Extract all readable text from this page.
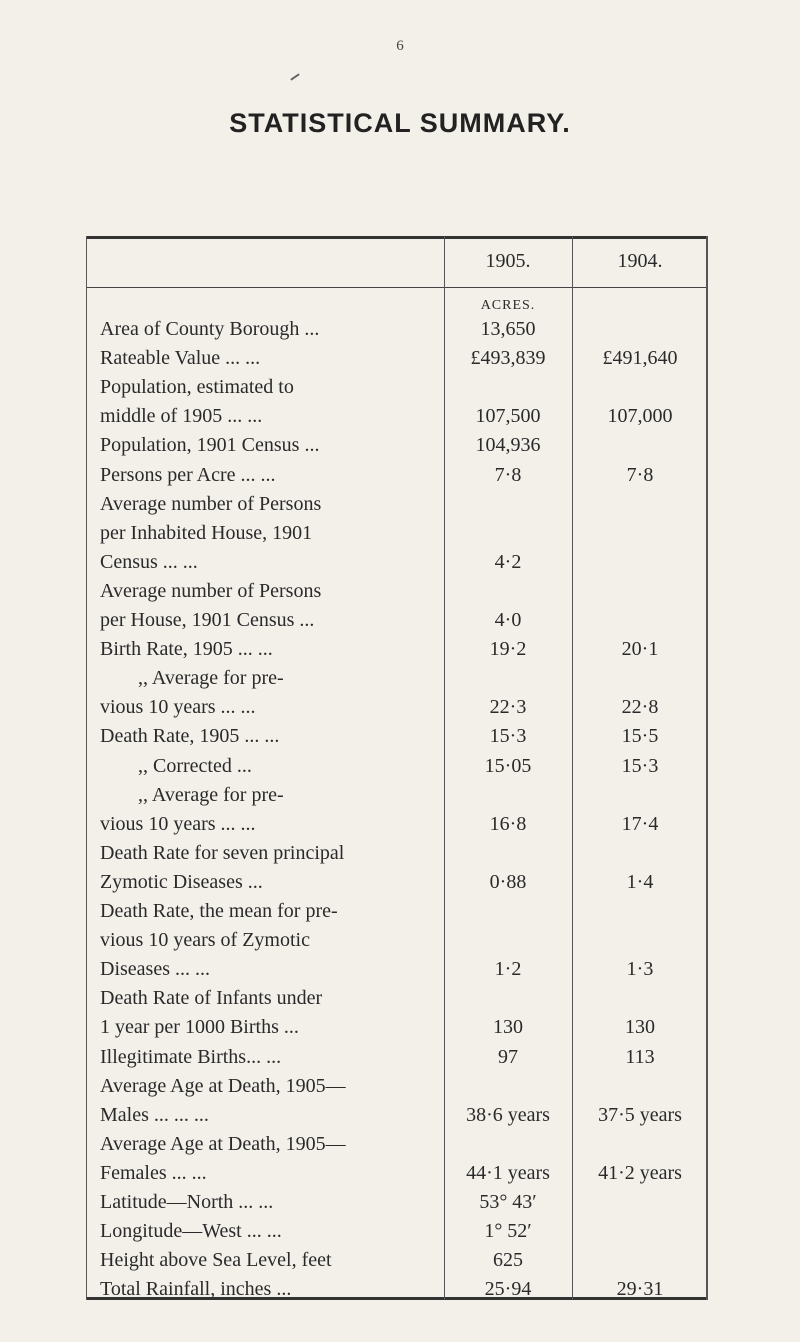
6
STATISTICAL SUMMARY.
1905.	1904.
ACRES.
Area of County Borough ...	13,650
Rateable Value ... ...	£493,839	£491,640
Population, estimated to
middle of 1905 ... ...	107,500	107,000
Population, 1901 Census ...	104,936
Persons per Acre ... ...	7·8	7·8
Average number of Persons
per Inhabited House, 1901
Census ... ...	4·2
Average number of Persons
per House, 1901 Census ...	4·0
Birth Rate, 1905 ... ...	19·2	20·1
,, Average for pre-
vious 10 years ... ...	22·3	22·8
Death Rate, 1905 ... ...	15·3	15·5
,, Corrected ...	15·05	15·3
,, Average for pre-
vious 10 years ... ...	16·8	17·4
Death Rate for seven principal
Zymotic Diseases ...	0·88	1·4
Death Rate, the mean for pre-
vious 10 years of Zymotic
Diseases ... ...	1·2	1·3
Death Rate of Infants under
1 year per 1000 Births ...	130	130
Illegitimate Births... ...	97	113
Average Age at Death, 1905—
Males ... ... ...	38·6 years	37·5 years
Average Age at Death, 1905—
Females ... ...	44·1 years	41·2 years
Latitude—North ... ...	53° 43′
Longitude—West ... ...	1° 52′
Height above Sea Level, feet	625
Total Rainfall, inches ...	25·94	29·31
